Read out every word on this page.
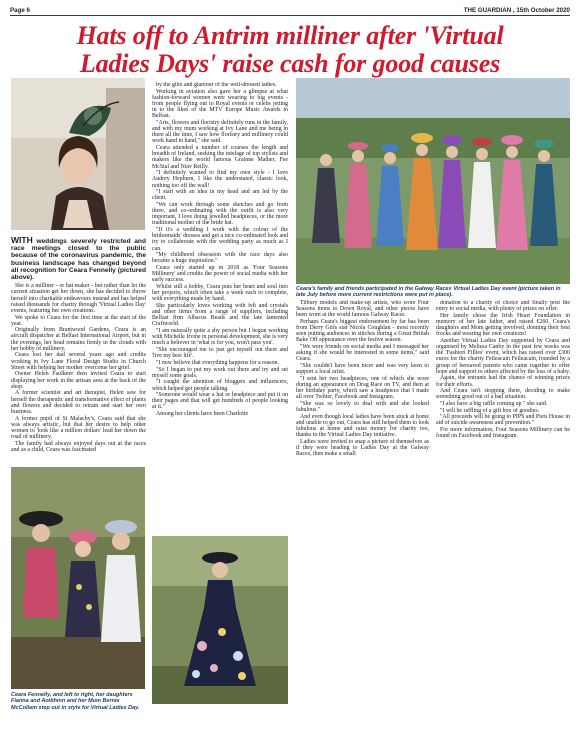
Page 6	THE GUARDIAN , 15th October 2020
Hats off to Antrim milliner after 'Virtual
Ladies Days' raise cash for good causes

WITH weddings severely restricted and race meetings closed to the public because of the coronavirus pandemic, the business landscape has changed beyond all recognition for Ceara Fennelly (pictured above).

She is a milliner - or hat maker - but rather than let the current situation get her down, she has decided to throw herself into charitable endeavours instead and has helped raised thousands for charity through 'Virtual Ladies Day' events, featuring her own creations.

We spoke to Ceara for the first time at the start of the year.

Originally from Brantwood Gardens, Ceara is an aircraft dispatcher at Belfast International Airport, but in the evenings, her head remains firmly in the clouds with her hobby of millinery.

Ceara lost her dad several years ago and credits working in Ivy Lane Floral Design Studio in Church Street with helping her mother overcome her grief.

Owner Helen Faulkner then invited Ceara to start displaying her work in the artisan area at the back of the shop.

A former scientist and art therapist, Helen saw for herself the therapeutic and transformative effect of plants and flowers and decided to retrain and start her own business.

A former pupil of St Malachy's, Ceara said that she was always artistic, but that her desire to help other women to 'look like a million dollars' lead her down the road of millinery.

The family had always enjoyed days out at the races and as a child, Ceara was fascinated

Ceara Fennelly, and left to right, her daughters Fianna and Aoibhinn and her Mum Bernie McCollam step out in style for Virtual Ladies Day.

by the glitz and glamour of the well-dressed ladies.

Working in aviation also gave her a glimpse at what fashion-forward women were wearing to big events - from people flying out to Royal events or celebs jetting in to the likes of the MTV Europe Music Awards in Belfast.

"Arts, flowers and floristry definitely runs in the family, and with my mum working at Ivy Lane and me being in there all the time, I saw how floristry and millinery could work hand in hand," she said.

Ceara attended a number of courses the length and breadth of Ireland, seeking the tutelage of top stylists and makers like the world famous Grainne Mather, Fee McStal and Niav Reilly.

"I definitely wanted to find my own style - I love Audrey Hepburn, I like the understated, classic look, nothing too off the wall!

"I start with an idea in my head and am led by the client.

"We can work through some sketches and go from there, and co-ordinating with the outfit is also very important, I love doing jewelled headpieces, or the more traditional mother of the bride hat.

"If it's a wedding I work with the colour of the bridesmaids' dresses and get a nice co-ordinated look and try to collaborate with the wedding party as much as I can.

"My childhood obsession with the race days also became a huge inspiration."

Ceara only started up in 2018 as 'Four Seasons Millinery' and credits the power of social media with her early success.

Whilst still a hobby, Ceara puts her heart and soul into her projects, which often take a week each to complete, with everything made by hand.

She particularly loves working with felt and crystals and other items from a range of suppliers, including Belfast firm Albacus Beads and the late lamented Craftworld.

"I am naturally quite a shy person but I begun working with Michelle Irvine in personal development, she is very much a believer in 'what is for you, won't pass you'.

"She encouraged me to just get myself out there and 'live my best life'.

"I now believe that everything happens for a reason.

"So I began to put my work out there and try and set myself some goals.

"I caught the attention of bloggers and influencers, which helped get people talking.

"Someone would wear a hat or headpiece and put it on their pages and that will get hundreds of people looking at it."

Among her clients have been Charlotte

Ceara's family and friends participated in the Galway Races Virtual Ladies Day event (picture taken in late July before more current restrictions were put in place).

Tilbury models and make-up artists, who wore Four Seasons items to Down Royal, and other pieces have been worn at the world famous Galway Races.

Perhaps Ceara's biggest endorsement by far has been from Derry Girls star Nicola Coughlan - most recently seen putting audiences in stitches during a Great British Bake Off appearance over the festive season.

"We were friends on social media and I messaged her asking if she would be interested in some items," said Ceara.

"She couldn't have been nicer and was very keen to support a local artist.

"I sent her two headpieces, one of which she wore during an appearance on Drag Race on TV, and then at her birthday party, which saw a headpiece that I made all over Twitter, Facebook and Instagram.

"She was so lovely to deal with and she looked fabulous."

And even though local ladies have been stuck at home and unable to go out, Ceara has still helped them to look fabulous at home and raise money for charity too, thanks to the Virtual Ladies Day initiative.

Ladies were invited to snap a picture of themselves as if they were heading to Ladies Day at the Galway Races, then make a small

donation to a charity of choice and finally post the entry to social media, with plenty of prizes on offer.

Her family chose the Irish Heart Foundation in memory of her late father, and raised €260, Ceara's daughters and Mom getting involved, donning their best frocks and wearing her own creations!

Another Virtual Ladies Day supported by Ceara and organised by Melissa Canby in the past few weeks was the 'Fashion Fillies' event, which has raised over £300 euros for the charity Feileacain Feileacain, founded by a group of bereaved parents who came together to offer hope and support to others affected by the loss of a baby.

Again, the entrants had the chance of winning prizes for their efforts.

And Ceara isn't stopping there, deciding to make something good out of a bad situation.

"I also have a big raffle coming up " she said.

"I will be raffling of a gift box of goodies.

"All proceeds will be going to PIPS and Piets House in aid of suicide awareness and prevention."

For more information, Four Seasons Millinery can be found on Facebook and Instagram.
